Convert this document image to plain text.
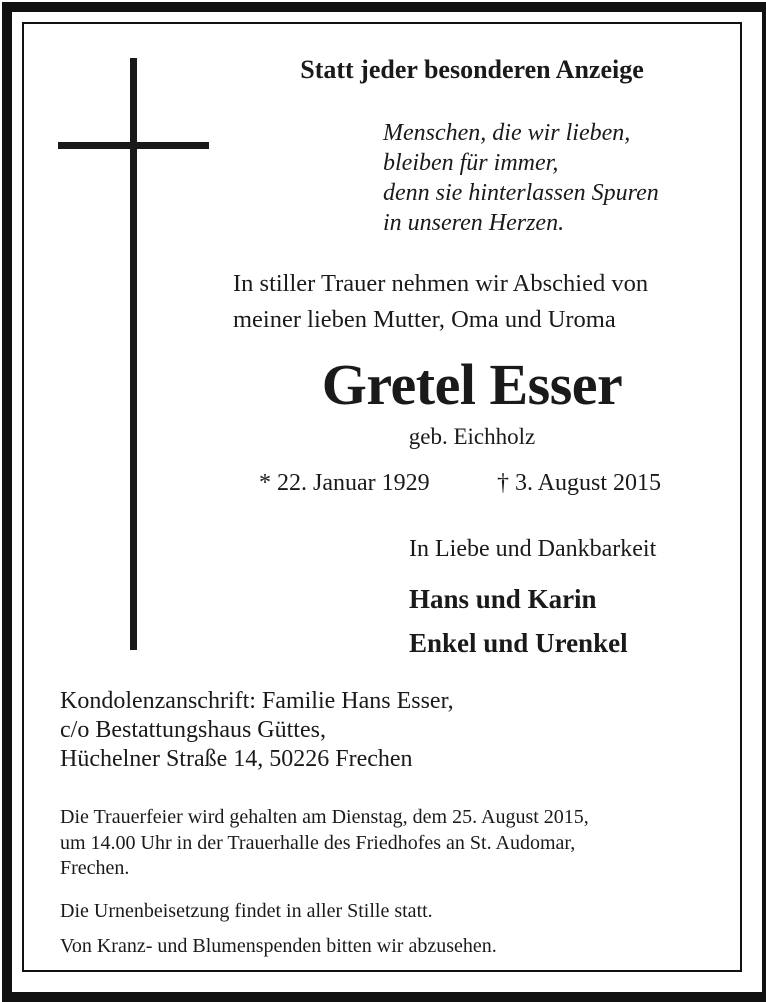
Statt jeder besonderen Anzeige
Menschen, die wir lieben,
bleiben für immer,
denn sie hinterlassen Spuren
in unseren Herzen.
In stiller Trauer nehmen wir Abschied von
meiner lieben Mutter, Oma und Uroma
Gretel Esser
geb. Eichholz
* 22. Januar 1929	† 3. August 2015
In Liebe und Dankbarkeit
Hans und Karin
Enkel und Urenkel
Kondolenzanschrift: Familie Hans Esser,
c/o Bestattungshaus Güttes,
Hüchelner Straße 14, 50226 Frechen
Die Trauerfeier wird gehalten am Dienstag, dem 25. August 2015,
um 14.00 Uhr in der Trauerhalle des Friedhofes an St. Audomar,
Frechen.
Die Urnenbeisetzung findet in aller Stille statt.
Von Kranz- und Blumenspenden bitten wir abzusehen.
